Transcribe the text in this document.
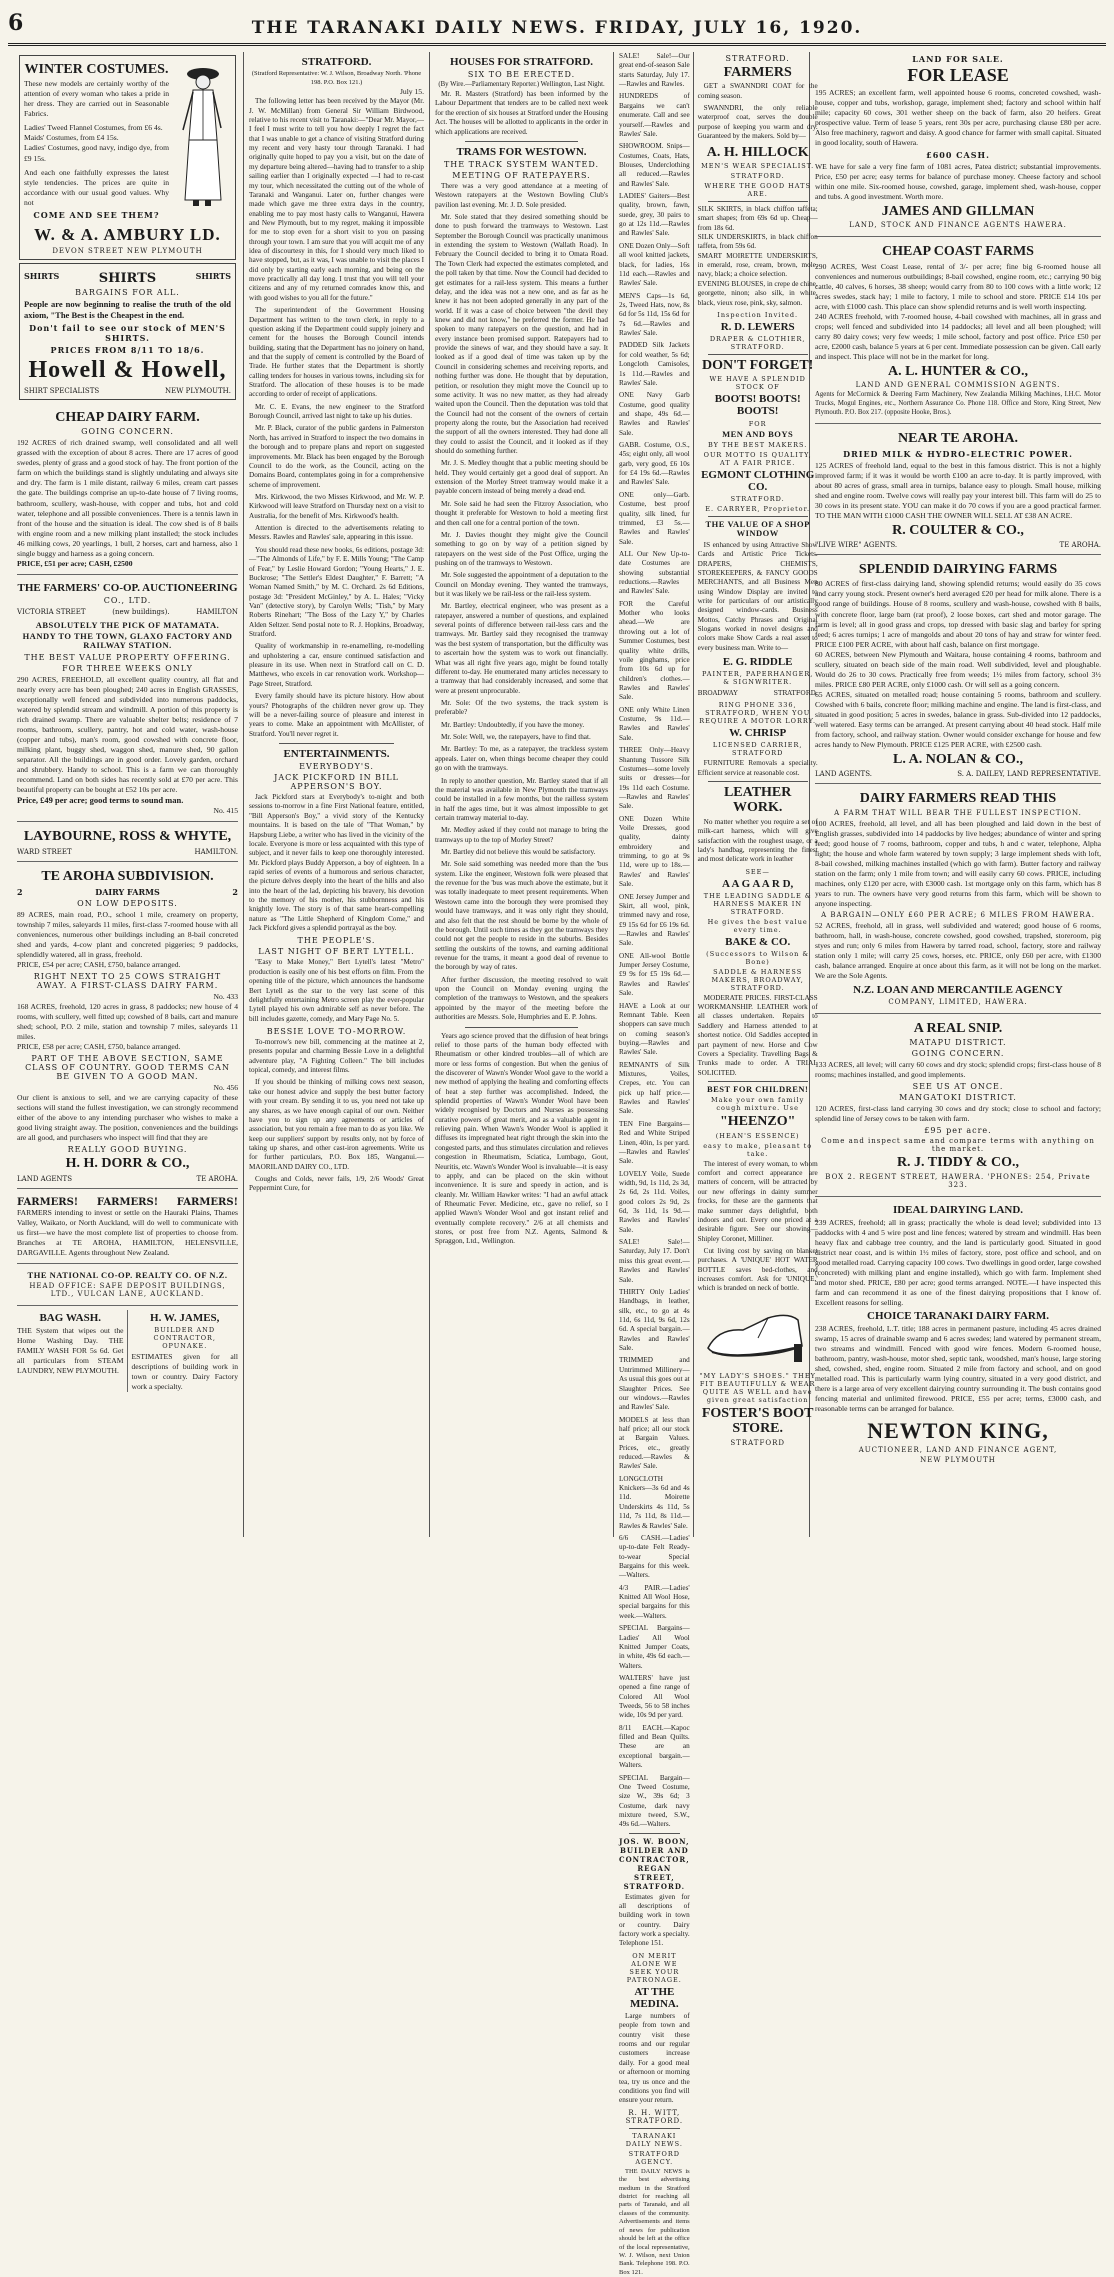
6	THE TARANAKI DAILY NEWS. FRIDAY, JULY 16, 1920.
WINTER COSTUMES.
These new models are certainly worthy of the attention of every woman who takes a pride in her dress. They are carried out in Seasonable Fabrics.
Ladies' Tweed Flannel Costumes, from £6 4s.
Maids' Costumes, from £4 15s.
Ladies' Costumes, good navy, indigo dye, from £9 15s.
And each one faithfully expresses the latest style tendencies. The prices are quite in accordance with our usual good values. Why not
COME AND SEE THEM?
W. & A. AMBURY LD.
DEVON STREET NEW PLYMOUTH
SHIRTS	SHIRTS	SHIRTS
BARGAINS FOR ALL.
People are now beginning to realise the truth of the old axiom, "The Best is the Cheapest in the end.
Don't fail to see our stock of MEN'S SHIRTS.
PRICES FROM 8/11 TO 18/6.
Howell & Howell,
SHIRT SPECIALISTS	NEW PLYMOUTH.
CHEAP DAIRY FARM.
GOING CONCERN.
192 ACRES of rich drained swamp, well consolidated and all well grassed with the exception of about 8 acres. There are 17 acres of good swedes, plenty of grass and a good stock of hay. The front portion of the farm on which the buildings stand is slightly undulating and always site and dry. The farm is 1 mile distant, railway 6 miles, cream cart passes the gate. The buildings comprise an up-to-date house of 7 living rooms, bathroom, scullery, wash-house, with copper and tubs, hot and cold water, telephone and all possible conveniences. There is a tennis lawn in front of the house and the situation is ideal. The cow shed is of 8 bails with engine room and a new milking plant installed; the stock includes 46 milking cows, 20 yearlings, 1 bull, 2 horses, cart and harness, also 1 single buggy and harness as a going concern.
PRICE, £51 per acre; CASH, £2500
THE FARMERS' CO-OP. AUCTIONEERING
CO., LTD.
VICTORIA STREET	(new buildings).	HAMILTON
ABSOLUTELY THE PICK OF MATAMATA.
HANDY TO THE TOWN, GLAXO FACTORY AND RAILWAY STATION.
THE BEST VALUE PROPERTY OFFERING.
FOR THREE WEEKS ONLY
290 ACRES, FREEHOLD, all excellent quality country, all flat and nearly every acre has been ploughed; 240 acres in English GRASSES, exceptionally well fenced and subdivided into numerous paddocks, watered by splendid stream and windmill. A portion of this property is rich drained swamp. There are valuable shelter belts; residence of 7 rooms, bathroom, scullery, pantry, hot and cold water, wash-house (copper and tubs), man's room, good cowshed with concrete floor, milking plant, buggy shed, waggon shed, manure shed, 90 gallon separator. All the buildings are in good order. Lovely garden, orchard and shrubbery. Handy to school. This is a farm we can thoroughly recommend. Land on both sides has recently sold at £70 per acre. This beautiful property can be bought at £52 10s per acre.
Price, £49 per acre; good terms to sound man.
No. 415
LAYBOURNE, ROSS & WHYTE,
WARD STREET	HAMILTON.
TE AROHA SUBDIVISION.
2	DAIRY FARMS	2
ON LOW DEPOSITS.
89 ACRES, main road, P.O., school 1 mile, creamery on property, township 7 miles, saleyards 11 miles, first-class 7-roomed house with all conveniences, numerous other buildings including an 8-bail concreted shed and yards, 4-cow plant and concreted piggeries; 9 paddocks, splendidly watered, all in grass, freehold.
PRICE, £54 per acre; CASH, £750, balance arranged.
RIGHT NEXT TO 25 COWS STRAIGHT AWAY. A FIRST-CLASS DAIRY FARM.
No. 433
168 ACRES, freehold, 120 acres in grass, 8 paddocks; new house of 4 rooms, with scullery, well fitted up; cowshed of 8 bails, cart and manure shed; school, P.O. 2 mile, station and township 7 miles, saleyards 11 miles.
PRICE, £58 per acre; CASH, £750, balance arranged.
PART OF THE ABOVE SECTION, SAME CLASS OF COUNTRY. GOOD TERMS CAN BE GIVEN TO A GOOD MAN.
No. 456
Our client is anxious to sell, and we are carrying capacity of these sections will stand the fullest investigation, we can strongly recommend either of the above to any intending purchaser who wishes to make a good living straight away. The position, conveniences and the buildings are all good, and purchasers who inspect will find that they are
REALLY GOOD BUYING.
H. H. DORR & CO.,
LAND AGENTS	TE AROHA.
FARMERS! FARMERS! FARMERS!
FARMERS intending to invest or settle on the Hauraki Plains, Thames Valley, Waikato, or North Auckland, will do well to communicate with us first—we have the most complete list of properties to choose from. Branches at TE AROHA, HAMILTON, HELENSVILLE, DARGAVILLE. Agents throughout New Zealand.
THE NATIONAL CO-OP. REALTY CO. OF N.Z.
HEAD OFFICE: SAFE DEPOSIT BUILDINGS, LTD., VULCAN LANE, AUCKLAND.
BAG WASH.
THE System that wipes out the Home Washing Day. THE FAMILY WASH FOR 5s 6d. Get all particulars from STEAM LAUNDRY, NEW PLYMOUTH.
H. W. JAMES,
BUILDER AND CONTRACTOR, OPUNAKE.
ESTIMATES given for all descriptions of building work in town or country. Dairy Factory work a specialty.
STRATFORD.
(Stratford Representative: W. J. Wilson, Broadway North. 'Phone 198. P.O. Box 121.)
July 15.
The following letter has been received by the Mayor (Mr. J. W. McMillan) from General Sir William Birdwood, relative to his recent visit to Taranaki:—"Dear Mr. Mayor,—I feel I must write to tell you how deeply I regret the fact that I was unable to get a chance of visiting Stratford during my recent and very hasty tour through Taranaki. I had originally quite hoped to pay you a visit, but on the date of my departure being altered—having had to transfer to a ship sailing earlier than I originally expected —I had to re-cast my tour, which necessitated the cutting out of the whole of Taranaki and Wanganui. Later on, further changes were made which gave me three extra days in the country, enabling me to pay most hasty calls to Wanganui, Hawera and New Plymouth, but to my regret, making it impossible for me to stop even for a short visit to you on passing through your town. I am sure that you will acquit me of any idea of discourtesy in this, for I should very much liked to have stopped, but, as it was, I was unable to visit the places I did only by starting early each morning, and being on the move practically all day long. I trust that you will tell your citizens and any of my returned comrades know this, and with good wishes to you all for the future."
The superintendent of the Government Housing Department has written to the town clerk, in reply to a question asking if the Department could supply joinery and cement for the houses the Borough Council intends building, stating that the Department has no joinery on hand, and that the supply of cement is controlled by the Board of Trade. He further states that the Department is shortly calling tenders for houses in various towns, including six for Stratford. The allocation of these houses is to be made according to order of receipt of applications.
Mr. C. E. Evans, the new engineer to the Stratford Borough Council, arrived last night to take up his duties.
Mr. P. Black, curator of the public gardens in Palmerston North, has arrived in Stratford to inspect the two domains in the borough and to prepare plans and report on suggested improvements. Mr. Black has been engaged by the Borough Council to do the work, as the Council, acting on the Domains Board, contemplates going in for a comprehensive scheme of improvement.
Mrs. Kirkwood, the two Misses Kirkwood, and Mr. W. P. Kirkwood will leave Stratford on Thursday next on a visit to Australia, for the benefit of Mrs. Kirkwood's health.
Attention is directed to the advertisements relating to Messrs. Rawles and Rawles' sale, appearing in this issue.
You should read these new books, 6s editions, postage 3d:—"The Almonds of Life," by F. E. Mills Young; "The Camp of Fear," by Leslie Howard Gordon; "Young Hearts," J. E. Buckrose; "The Settler's Eldest Daughter," F. Barrett; "A Woman Named Smith," by M. C. Orchard. 2s 6d Editions, postage 3d: "President McGinley," by A. L. Hales; "Vicky Van" (detective story), by Carolyn Wells; "Tish," by Mary Roberts Rinehart; "The Boss of the Lazy Y," by Charles Alden Seltzer. Send postal note to R. J. Hopkins, Broadway, Stratford.
Quality of workmanship in re-enamelling, re-modelling and upholstering a car, ensure continued satisfaction and pleasure in its use. When next in Stratford call on C. D. Matthews, who excels in car renovation work. Workshop—Page Street, Stratford.
Every family should have its picture history. How about yours? Photographs of the children never grow up. They will be a never-failing source of pleasure and interest in years to come. Make an appointment with McAllister, of Stratford. You'll never regret it.
ENTERTAINMENTS.
EVERYBODY'S.
JACK PICKFORD IN BILL APPERSON'S BOY.
Jack Pickford stars at Everybody's to-night and both sessions to-morrow in a fine First National feature, entitled, "Bill Apperson's Boy," a vivid story of the Kentucky mountains. It is based on the tale of "That Woman," by Hapsburg Liebe, a writer who has lived in the vicinity of the locale. Everyone is more or less acquainted with this type of subject, and it never fails to keep one thoroughly interested. Mr. Pickford plays Buddy Apperson, a boy of eighteen. In a rapid series of events of a humorous and serious character, the picture delves deeply into the heart of the hills and also into the heart of the lad, depicting his bravery, his devotion to the memory of his mother, his stubbornness and his knightly love. The story is of that same heart-compelling nature as "The Little Shepherd of Kingdom Come," and Jack Pickford gives a splendid portrayal as the boy.
THE PEOPLE'S.
LAST NIGHT OF BERT LYTELL.
"Easy to Make Money," Bert Lytell's latest "Metro" production is easily one of his best efforts on film. From the opening title of the picture, which announces the handsome Bert Lytell as the star to the very last scene of this delightfully entertaining Metro screen play the ever-popular Lytell played his own admirable self as never before. The bill includes gazette, comedy, and Mary Page No. 5.
BESSIE LOVE TO-MORROW.
To-morrow's new bill, commencing at the matinee at 2, presents popular and charming Bessie Love in a delightful adventure play, "A Fighting Colleen." The bill includes topical, comedy, and interest films.
If you should be thinking of milking cows next season, take our honest advice and supply the best butter factory with your cream. By sending it to us, you need not take up any shares, as we have enough capital of our own. Neither have you to sign up any agreements or articles of association, but you remain a free man to do as you like. We keep our suppliers' support by results only, not by force of taking up shares, and other cast-iron agreements. Write us for further particulars, P.O. Box 185, Wanganui.—MAORILAND DAIRY CO., LTD.
Coughs and Colds, never fails, 1/9, 2/6 Woods' Great Peppermint Cure, for
HOUSES FOR STRATFORD.
SIX TO BE ERECTED.
(By Wire.—Parliamentary Reporter.) Wellington, Last Night.
Mr. R. Masters (Stratford) has been informed by the Labour Department that tenders are to be called next week for the erection of six houses at Stratford under the Housing Act. The houses will be allotted to applicants in the order in which applications are received.
TRAMS FOR WESTOWN.
THE TRACK SYSTEM WANTED.
MEETING OF RATEPAYERS.
There was a very good attendance at a meeting of Westown ratepayers at the Westown Bowling Club's pavilion last evening. Mr. J. D. Sole presided.
Mr. Sole stated that they desired something should be done to push forward the tramways to Westown. Last September the Borough Council was practically unanimous in extending the system to Westown (Wallath Road). In February the Council decided to bring it to Omata Road. The Town Clerk had expected the estimates completed, and the poll taken by that time. Now the Council had decided to get estimates for a rail-less system. This means a further delay, and the idea was not a new one, and as far as he knew it has not been adopted generally in any part of the world. If it was a case of choice between "the devil they knew and did not know," he preferred the former. He had spoken to many ratepayers on the question, and had in every instance been promised support. Ratepayers had to provide the sinews of war, and they should have a say. It looked as if a good deal of time was taken up by the Council in considering schemes and receiving reports, and nothing further was done. He thought that by deputation, petition, or resolution they might move the Council up to some activity. It was no new matter, as they had already waited upon the Council. Then the deputation was told that the Council had not the consent of the owners of certain property along the route, but the Association had received the support of all the owners interested. They had done all they could to assist the Council, and it looked as if they should do something further.
Mr. J. S. Medley thought that a public meeting should be held. They would certainly get a good deal of support. An extension of the Morley Street tramway would make it a payable concern instead of being merely a dead end.
Mr. Sole said he had seen the Fitzroy Association, who thought it preferable for Westown to hold a meeting first and then call one for a central portion of the town.
Mr. J. Davies thought they might give the Council something to go on by way of a petition signed by ratepayers on the west side of the Post Office, urging the pushing on of the tramways to Westown.
Mr. Sole suggested the appointment of a deputation to the Council on Monday evening. They wanted the tramways, but it was likely we be rail-less or the rail-less system.
Mr. Bartley, electrical engineer, who was present as a ratepayer, answered a number of questions, and explained several points of difference between rail-less cars and the tramways. Mr. Bartley said they recognised the tramway was the best system of transportation, but the difficulty was to ascertain how the system was to work out financially. What was all right five years ago, might be found totally different to-day. He enumerated many articles necessary to a tramway that had considerably increased, and some that were at present unprocurable.
Mr. Sole: Of the two systems, the track system is preferable?
Mr. Bartley: Undoubtedly, if you have the money.
Mr. Sole: Well, we, the ratepayers, have to find that.
Mr. Bartley: To me, as a ratepayer, the trackless system appeals. Later on, when things become cheaper they could go on with the tramways.
In reply to another question, Mr. Bartley stated that if all the material was available in New Plymouth the tramways could be installed in a few months, but the railless system in half the ages time, but it was almost impossible to get certain tramway material to-day.
Mr. Medley asked if they could not manage to bring the tramways up to the top of Morley Street?
Mr. Bartley did not believe this would be satisfactory.
Mr. Sole said something was needed more than the 'bus system. Like the engineer, Westown folk were pleased that the revenue for the 'bus was much above the estimate, but it was totally inadequate to meet present requirements. When Westown came into the borough they were promised they would have tramways, and it was only right they should, and also felt that the rest should be borne by the whole of the borough. Until such times as they got the tramways they could not get the people to reside in the suburbs. Besides settling the outskirts of the towns, and earning additional revenue for the trams, it meant a good deal of revenue to the borough by way of rates.
After further discussion, the meeting resolved to wait upon the Council on Monday evening urging the completion of the tramways to Westown, and the speakers appointed by the mayor of the meeting before the authorities are Messrs. Sole, Humphries and E. P. Johns.
Years ago science proved that the diffusion of heat brings relief to those parts of the human body effected with Rheumatism or other kindred troubles—all of which are more or less forms of congestion. But when the genius of the discoverer of Wawn's Wonder Wool gave to the world a new method of applying the healing and comforting effects of heat a step further was accomplished. Indeed, the splendid properties of Wawn's Wonder Wool have been widely recognised by Doctors and Nurses as possessing curative powers of great merit, and as a valuable agent in relieving pain. When Wawn's Wonder Wool is applied it diffuses its impregnated heat right through the skin into the congested parts, and thus stimulates circulation and relieves congestion in Rheumatism, Sciatica, Lumbago, Gout, Neuritis, etc. Wawn's Wonder Wool is invaluable—it is easy to apply, and can be placed on the skin without inconvenience. It is sure and speedy in action, and is cleanly. Mr. William Hawker writes: "I had an awful attack of Rheumatic Fever. Medicine, etc., gave no relief, so I applied Wawn's Wonder Wool and got instant relief and eventually complete recovery." 2/6 at all chemists and stores, or post free from N.Z. Agents, Salmond & Spraggon, Ltd., Wellington.
SALE! Sale!—Our great end-of-season Sale starts Saturday, July 17.—Rawles and Rawles.
HUNDREDS of Bargains we can't enumerate. Call and see yourself.—Rawles and Rawles' Sale.
SHOWROOM. Snips—Costumes, Coats, Hats, Blouses, Underclothing all reduced.—Rawles and Rawles' Sale.
LADIES' Gaiters—Best quality, brown, fawn, suede, grey, 30 pairs to go at 12s 11d.—Rawles and Rawles' Sale.
ONE Dozen Only—Soft all wool knitted jackets, black, for ladies, 16s 11d each.—Rawles and Rawles' Sale.
MEN'S Caps—1s 6d, 2s, Tweed Hats, now, 8s 6d for 5s 11d, 15s 6d for 7s 6d.—Rawles and Rawles' Sale.
PADDED Silk Jackets for cold weather, 5s 6d; Longcloth Camisoles, 1s 11d.—Rawles and Rawles' Sale.
ONE Navy Garb Costume, good quality and shape, 49s 6d.—Rawles and Rawles' Sale.
GABR. Costume, O.S., 45s; eight only, all wool garb, very good, £6 10s for £4 19s 6d.—Rawles and Rawles' Sale.
ONE only—Garb. Costume, best proof quality, silk lined, fur trimmed, £3 5s.—Rawles and Rawles' Sale.
ALL Our New Up-to-date Costumes are showing substantial reductions.—Rawles and Rawles' Sale.
FOR the Careful Mother who looks ahead.—We are throwing out a lot of Summer Costumes, best quality white drills, voile ginghams, price from 10s 6d up for children's clothes.—Rawles and Rawles' Sale.
ONE only White Linen Costume, 9s 11d.—Rawles and Rawles' Sale.
THREE Only—Heavy Shantung Tussore Silk Costumes—some lovely suits or dresses—for 19s 11d each Costume.—Rawles and Rawles' Sale.
ONE Dozen White Voile Dresses, good quality, dainty embroidery and trimming, to go at 9s 11d, were up to 18s.—Rawles' and Rawles' Sale.
ONE Jersey Jumper and Skirt, all wool, pink, trimmed navy and rose, £9 15s 6d for £6 19s 6d.—Rawles and Rawles' Sale.
ONE All-wool Bottle Jumper Jersey Costume, £9 9s for £5 19s 6d.—Rawles and Rawles' Sale.
HAVE a Look at our Remnant Table. Keen shoppers can save much on coming season's buying.—Rawles and Rawles' Sale.
REMNANTS of Silk Mixtures, Voiles, Crepes, etc. You can pick up half price.—Rawles and Rawles' Sale.
TEN Fine Bargains—Red and White Striped Linen, 40in, 1s per yard.—Rawles and Rawles' Sale.
LOVELY Voile, Suede width, 9d, 1s 11d, 2s 3d, 2s 6d, 2s 11d. Voiles, good colors 2s 9d, 2s 6d, 3s 11d, 1s 9d.—Rawles and Rawles' Sale.
SALE! Sale!—Saturday, July 17. Don't miss this great event.—Rawles and Rawles' Sale.
THIRTY Only Ladies' Handbags, in leather, silk, etc., to go at 4s 11d, 6s 11d, 9s 6d, 12s 6d. A special bargain.—Rawles and Rawles' Sale.
TRIMMED and Untrimmed Millinery—As usual this goes out at Slaughter Prices. See our windows.—Rawles and Rawles' Sale.
MODELS at less than half price; all our stock at Bargain Values. Prices, etc., greatly reduced.—Rawles & Rawles' Sale.
LONGCLOTH Knickers—3s 6d and 4s 11d. Moirette Underskirts 4s 11d, 5s 11d, 7s 11d, 8s 11d.—Rawles & Rawles' Sale.
6/6 CASH.—Ladies' up-to-date Felt Ready-to-wear Special Bargains for this week.—Walters.
4/3 PAIR.—Ladies' Knitted All Wool Hose, special bargains for this week.—Walters.
SPECIAL Bargains—Ladies' All Wool Knitted Jumper Coats, in white, 49s 6d each.—Walters.
WALTERS' have just opened a fine range of Colored All Wool Tweeds, 56 to 58 inches wide, 10s 9d per yard.
8/11 EACH.—Kapoc filled and Bean Quilts. These are an exceptional bargain.—Walters.
SPECIAL Bargain—One Tweed Costume, size W., 39s 6d; 3 Costume, dark navy mixture tweed, S.W., 49s 6d.—Walters.
JOS. W. BOON, BUILDER AND CONTRACTOR, REGAN STREET, STRATFORD.
Estimates given for all descriptions of building work in town or country. Dairy factory work a specialty. Telephone 151.
ON MERIT ALONE WE SEEK YOUR PATRONAGE.
AT THE MEDINA.
Large numbers of people from town and country visit these rooms and our regular customers increase daily. For a good meal or afternoon or morning tea, try us once and the conditions you find will ensure your return.
R. H. WITT, STRATFORD.
TARANAKI DAILY NEWS.
STRATFORD AGENCY.
THE DAILY NEWS is the best advertising medium in the Stratford district for reaching all parts of Taranaki, and all classes of the community. Advertisements and items of news for publication should be left at the office of the local representative, W. J. Wilson, next Union Bank. Telephone 198. P.O. Box 121.
STRATFORD.
FARMERS
GET a SWANNDRI COAT for the coming season.
SWANNDRI, the only reliable waterproof coat, serves the double purpose of keeping you warm and dry. Guaranteed by the makers. Sold by—
A. H. HILLOCK
MEN'S WEAR SPECIALIST.
STRATFORD.
WHERE THE GOOD HATS ARE.
SILK SKIRTS, in black chiffon taffeta; smart shapes; from 69s 6d up. Cheap—from 18s 6d.
SILK UNDERSKIRTS, in black chiffon taffeta, from 59s 6d.
SMART MOIRETTE UNDERSKIRTS, in emerald, rose, cream, brown, mole, navy, black; a choice selection.
EVENING BLOUSES, in crepe de chine, georgette, ninon; also silk, in white, black, vieux rose, pink, sky, salmon.
Inspection Invited.
R. D. LEWERS
DRAPER & CLOTHIER, STRATFORD.
DON'T FORGET!
WE HAVE A SPLENDID STOCK OF
BOOTS! BOOTS! BOOTS!
FOR
MEN AND BOYS
BY THE BEST MAKERS.
OUR MOTTO IS QUALITY, AT A FAIR PRICE.
EGMONT CLOTHING CO.
STRATFORD.
E. CARRYER, Proprietor.
THE VALUE OF A SHOP WINDOW
IS enhanced by using Attractive Show Cards and Artistic Price Tickets. DRAPERS, CHEMISTS, STOREKEEPERS, & FANCY GOODS MERCHANTS, and all Business Men using Window Display are invited to write for particulars of our artistically designed window-cards. Business Mottos, Catchy Phrases and Original Slogans worked in novel designs and colors make Show Cards a real asset to every business man. Write to—
E. G. RIDDLE
PAINTER, PAPERHANGER, & SIGNWRITER.
BROADWAY	STRATFORD.
RING PHONE 336, STRATFORD, WHEN YOU REQUIRE A MOTOR LORRY.
W. CHRISP
LICENSED CARRIER, STRATFORD
FURNITURE Removals a speciality. Efficient service at reasonable cost.
LEATHER WORK.
No matter whether you require a set of milk-cart harness, which will give satisfaction with the roughest usage, or a lady's handbag, representing the finest and most delicate work in leather
SEE—
A A G A A R D,
THE LEADING SADDLE & HARNESS MAKER IN STRATFORD.
He gives the best value every time.
BAKE & CO.
(Successors to Wilson & Bone)
SADDLE & HARNESS MAKERS, BROADWAY, STRATFORD.
MODERATE PRICES. FIRST-CLASS WORKMANSHIP. LEATHER work of all classes undertaken. Repairs to Saddlery and Harness attended to at shortest notice. Old Saddles accepted in part payment of new. Horse and Cow Covers a Speciality. Travelling Bags & Trunks made to order. A TRIAL SOLICITED.
BEST FOR CHILDREN!
Make your own family cough mixture. Use
"HEENZO"
(HEAN'S ESSENCE)
easy to make, pleasant to take.
The interest of every woman, to whom comfort and correct appearance are matters of concern, will be attracted by our new offerings in dainty summer frocks, for these are the garments that make summer days delightful, both indoors and out. Every one priced at a desirable figure. See our showing—Shipley Coronet, Milliner.
Cut living cost by saving on blanket purchases. A 'UNIQUE' HOT WATER BOTTLE saves bed-clothes, and increases comfort. Ask for 'UNIQUE,' which is branded on neck of bottle.
"MY LADY'S SHOES." THEY FIT BEAUTIFULLY & WEAR QUITE AS WELL and have given great satisfaction
FOSTER'S BOOT STORE.
STRATFORD
LAND FOR SALE.
FOR LEASE
195 ACRES; an excellent farm, well appointed house 6 rooms, concreted cowshed, wash-house, copper and tubs, workshop, garage, implement shed; factory and school within half mile; capacity 60 cows, 301 wether sheep on the back of farm, also 20 heifers. Great prospective value. Term of lease 5 years, rent 30s per acre, purchasing clause £80 per acre. Also free machinery, ragwort and daisy. A good chance for farmer with small capital. Situated in good locality, south of Hawera.
£600 CASH.
WE have for sale a very fine farm of 1081 acres, Patea district; substantial improvements. Price, £50 per acre; easy terms for balance of purchase money. Cheese factory and school within one mile. Six-roomed house, cowshed, garage, implement shed, wash-house, copper and tubs. A good investment. Worth more.
JAMES AND GILLMAN
LAND, STOCK AND FINANCE AGENTS HAWERA.
CHEAP COAST FARMS
290 ACRES, West Coast Lease, rental of 3/- per acre; fine big 6-roomed house all conveniences and numerous outbuildings; 8-bail cowshed, engine room, etc.; carrying 90 big cattle, 40 calves, 6 horses, 38 sheep; would carry from 80 to 100 cows with a little work; 12 acres swedes, stack hay; 1 mile to factory, 1 mile to school and store. PRICE £14 10s per acre, with £1000 cash. This place can show splendid returns and is well worth inspecting.
240 ACRES freehold, with 7-roomed house, 4-bail cowshed with machines, all in grass and crops; well fenced and subdivided into 14 paddocks; all level and all been ploughed; will carry 80 dairy cows; very few weeds; 1 mile school, factory and post office. Price £50 per acre, £2000 cash, balance 5 years at 6 per cent. Immediate possession can be given. Call early and inspect. This place will not be in the market for long.
A. L. HUNTER & CO.,
LAND AND GENERAL COMMISSION AGENTS.
Agents for McCormick & Deering Farm Machinery, New Zealandia Milking Machines, I.H.C. Motor Trucks, Mogul Engines, etc., Northern Assurance Co. Phone 118. Office and Store, King Street, New Plymouth. P.O. Box 217. (opposite Hooke, Bros.).
NEAR TE AROHA.
DRIED MILK & HYDRO-ELECTRIC POWER.
125 ACRES of freehold land, equal to the best in this famous district. This is not a highly improved farm; if it was it would be worth £100 an acre to-day. It is partly improved, with about 80 acres of grass, small area in turnips, balance easy to plough. Small house, milking shed and engine room. Twelve cows will really pay your interest bill. This farm will do 25 to 30 cows in its present state. YOU can make it do 70 cows if you are a good practical farmer. TO THE MAN WITH £1000 CASH THE OWNER WILL SELL AT £38 AN ACRE.
R. COULTER & CO.,
"LIVE WIRE" AGENTS.	TE AROHA.
SPLENDID DAIRYING FARMS
80 ACRES of first-class dairying land, showing splendid returns; would easily do 35 cows and carry young stock. Present owner's herd averaged £20 per head for milk alone. There is a good range of buildings. House of 8 rooms, scullery and wash-house, cowshed with 8 bails, with concrete floor, large barn (rat proof), 2 loose boxes, cart shed and motor garage. The farm is level; all in good grass and crops, top dressed with basic slag and barley for spring feed; 6 acres turnips; 1 acre of mangolds and about 20 tons of hay and straw for winter feed. PRICE £100 PER ACRE, with about half cash, balance on first mortgage.
60 ACRES, between New Plymouth and Waitara, house containing 4 rooms, bathroom and scullery, situated on beach side of the main road. Well subdivided, level and ploughable. Would do 26 to 30 cows. Practically free from weeds; 1½ miles from factory, school 3½ miles. PRICE £80 PER ACRE, only £1000 cash. Or will sell as a going concern.
65 ACRES, situated on metalled road; house containing 5 rooms, bathroom and scullery. Cowshed with 6 bails, concrete floor; milking machine and engine. The land is first-class, and situated in good position; 5 acres in swedes, balance in grass. Sub-divided into 12 paddocks, well watered. Easy terms can be arranged. At present carrying about 40 head stock. Half mile from factory, school, and railway station. Owner would consider exchange for house and few acres handy to New Plymouth. PRICE £125 PER ACRE, with £2500 cash.
L. A. NOLAN & CO.,
LAND AGENTS.	S. A. DAILEY, LAND REPRESENTATIVE.
DAIRY FARMERS READ THIS
A FARM THAT WILL BEAR THE FULLEST INSPECTION.
100 ACRES, freehold, all level, and all has been ploughed and laid down in the best of English grasses, subdivided into 14 paddocks by live hedges; abundance of winter and spring feed; good house of 7 rooms, bathroom, copper and tubs, h and c water, telephone, Alpha light; the house and whole farm watered by town supply; 3 large implement sheds with loft, 8-bail cowshed, milking machines installed (which go with farm). Butter factory and railway station on the farm; only 1 mile from town; and will easily carry 60 cows. PRICE, including machines, only £120 per acre, with £3000 cash. 1st mortgage only on this farm, which has 8 years to run. The owners have very good returns from this farm, which will be shown to anyone inspecting.
A BARGAIN—ONLY £60 PER ACRE; 6 MILES FROM HAWERA.
52 ACRES, freehold, all in grass, well subdivided and watered; good house of 6 rooms, bathroom, hall, in wash-house, concrete cowshed, good cowshed, trapshed, storeroom, pig styes and run; only 6 miles from Hawera by tarred road, school, factory, store and railway station only 1 mile; will carry 25 cows, horses, etc. PRICE, only £60 per acre, with £1300 cash, balance arranged. Enquire at once about this farm, as it will not be long on the market. We are the Sole Agents.
N.Z. LOAN AND MERCANTILE AGENCY
COMPANY, LIMITED, HAWERA.
A REAL SNIP.
MATAPU DISTRICT.
GOING CONCERN.
133 ACRES, all level; will carry 60 cows and dry stock; splendid crops; first-class house of 8 rooms; machines installed, and good implements.
SEE US AT ONCE.
MANGATOKI DISTRICT.
120 ACRES, first-class land carrying 30 cows and dry stock; close to school and factory; splendid line of Jersey cows to be taken with farm.
£95 per acre.
Come and inspect same and compare terms with anything on the market.
R. J. TIDDY & CO.,
BOX 2. REGENT STREET, HAWERA. 'PHONES: 254, Private 323.
IDEAL DAIRYING LAND.
239 ACRES, freehold; all in grass; practically the whole is dead level; subdivided into 13 paddocks with 4 and 5 wire post and line fences; watered by stream and windmill. Has been heavy flax and cabbage tree country, and the land is particularly good. Situated in good district near coast, and is within 1½ miles of factory, store, post office and school, and on good metalled road. Carrying capacity 100 cows. Two dwellings in good order, large cowshed (concreted) with milking plant and engine installed), which go with farm. Implement shed and motor shed. PRICE, £80 per acre; good terms arranged. NOTE.—I have inspected this farm and can recommend it as one of the finest dairying propositions that I know of. Excellent reasons for selling.
CHOICE TARANAKI DAIRY FARM.
238 ACRES, freehold, L.T. title; 188 acres in permanent pasture, including 45 acres drained swamp, 15 acres of drainable swamp and 6 acres swedes; land watered by permanent stream, two streams and windmill. Fenced with good wire fences. Modern 6-roomed house, bathroom, pantry, wash-house, motor shed, septic tank, woodshed, man's house, large storing shed, cowshed, shed, engine room. Situated 2 mile from factory and school, and on good metalled road. This is particularly warm lying country, situated in a very good district, and there is a large area of very excellent dairying country surrounding it. The bush contains good fencing material and unlimited firewood. PRICE, £55 per acre; terms, £3000 cash, and reasonable terms can be arranged for balance.
NEWTON KING,
AUCTIONEER, LAND AND FINANCE AGENT,
NEW PLYMOUTH
